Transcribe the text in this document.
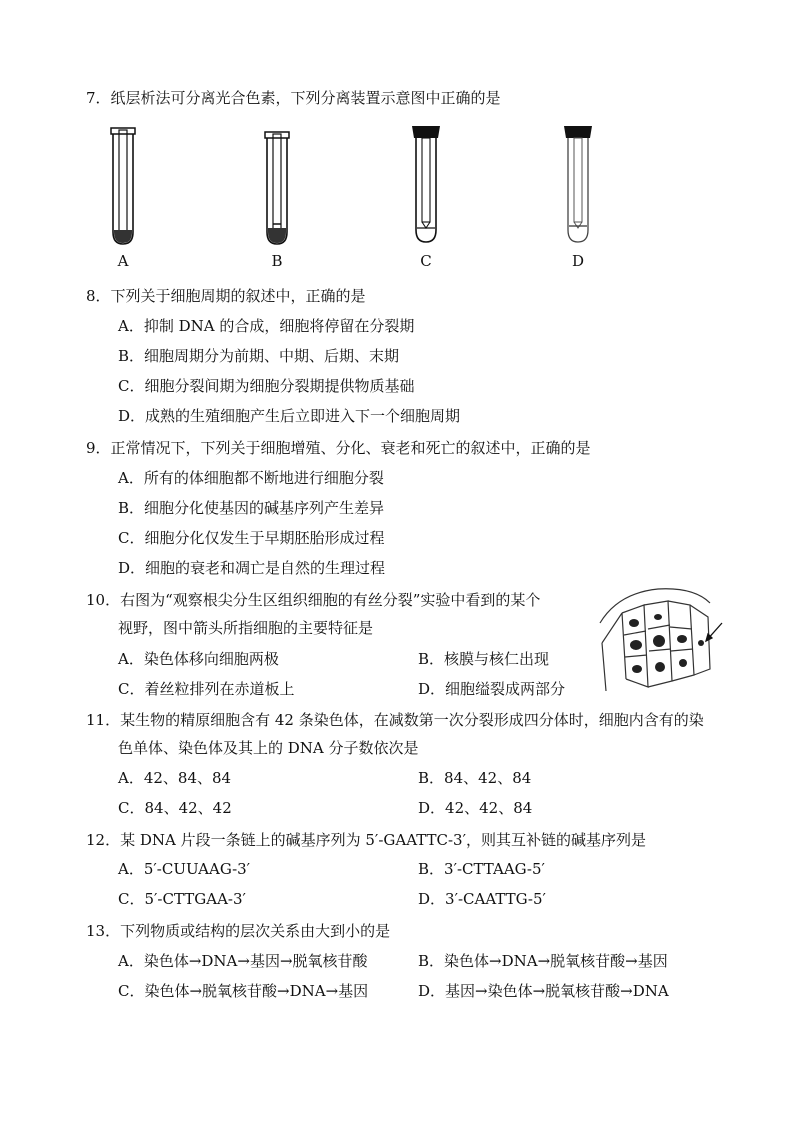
7．纸层析法可分离光合色素，下列分离装置示意图中正确的是
A	B	C	D
8．下列关于细胞周期的叙述中，正确的是
A．抑制 DNA 的合成，细胞将停留在分裂期
B．细胞周期分为前期、中期、后期、末期
C．细胞分裂间期为细胞分裂期提供物质基础
D．成熟的生殖细胞产生后立即进入下一个细胞周期
9．正常情况下，下列关于细胞增殖、分化、衰老和死亡的叙述中，正确的是
A．所有的体细胞都不断地进行细胞分裂
B．细胞分化使基因的碱基序列产生差异
C．细胞分化仅发生于早期胚胎形成过程
D．细胞的衰老和凋亡是自然的生理过程
10．右图为“观察根尖分生区组织细胞的有丝分裂”实验中看到的某个
视野，图中箭头所指细胞的主要特征是
A．染色体移向细胞两极	B．核膜与核仁出现
C．着丝粒排列在赤道板上	D．细胞缢裂成两部分
11．某生物的精原细胞含有 42 条染色体，在减数第一次分裂形成四分体时，细胞内含有的染
色单体、染色体及其上的 DNA 分子数依次是
A．42、84、84	B．84、42、84
C．84、42、42	D．42、42、84
12．某 DNA 片段一条链上的碱基序列为 5′-GAATTC-3′，则其互补链的碱基序列是
A．5′-CUUAAG-3′	B．3′-CTTAAG-5′
C．5′-CTTGAA-3′	D．3′-CAATTG-5′
13．下列物质或结构的层次关系由大到小的是
A．染色体→DNA→基因→脱氧核苷酸	B．染色体→DNA→脱氧核苷酸→基因
C．染色体→脱氧核苷酸→DNA→基因	D．基因→染色体→脱氧核苷酸→DNA
